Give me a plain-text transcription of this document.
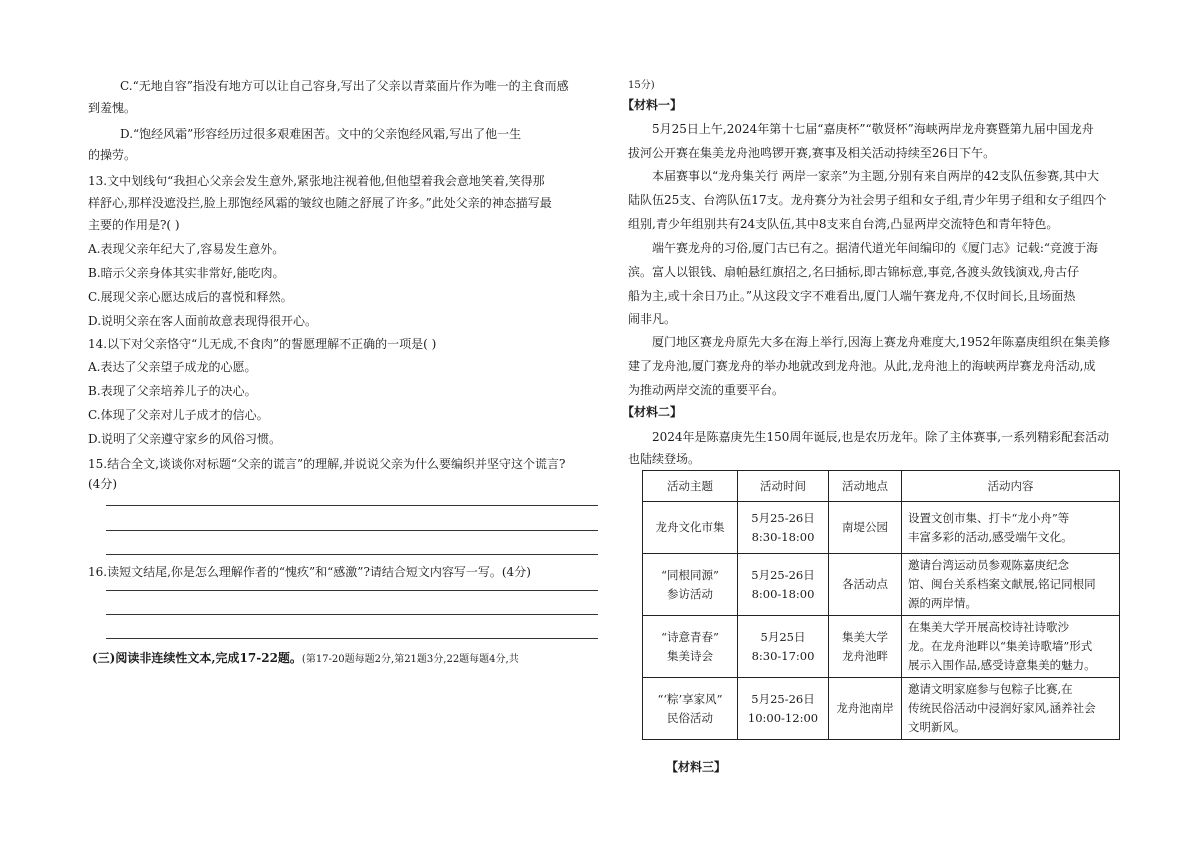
C.“无地自容”指没有地方可以让自己容身,写出了父亲以青菜面片作为唯一的主食而感
到羞愧。
D.“饱经风霜”形容经历过很多艰难困苦。文中的父亲饱经风霜,写出了他一生
的操劳。
13.文中划线句“我担心父亲会发生意外,紧张地注视着他,但他望着我会意地笑着,笑得那
样舒心,那样没遮没拦,脸上那饱经风霜的皱纹也随之舒展了许多。”此处父亲的神态描写最
主要的作用是?( )
A.表现父亲年纪大了,容易发生意外。
B.暗示父亲身体其实非常好,能吃肉。
C.展现父亲心愿达成后的喜悦和释然。
D.说明父亲在客人面前故意表现得很开心。
14.以下对父亲恪守“儿无成,不食肉”的誓愿理解不正确的一项是( )
A.表达了父亲望子成龙的心愿。
B.表现了父亲培养儿子的决心。
C.体现了父亲对儿子成才的信心。
D.说明了父亲遵守家乡的风俗习惯。
15.结合全文,谈谈你对标题“父亲的谎言”的理解,并说说父亲为什么要编织并坚守这个谎言?
(4分)
16.读短文结尾,你是怎么理解作者的“愧疚”和“感激”?请结合短文内容写一写。(4分)
(三)阅读非连续性文本,完成17-22题。(第17-20题每题2分,第21题3分,22题每题4分,共
15分)
【材料一】
5月25日上午,2024年第十七届“嘉庚杯”“敬贤杯”海峡两岸龙舟赛暨第九届中国龙舟
拔河公开赛在集美龙舟池鸣锣开赛,赛事及相关活动持续至26日下午。
本届赛事以“龙舟集关行 两岸一家亲”为主题,分别有来自两岸的42支队伍参赛,其中大
陆队伍25支、台湾队伍17支。龙舟赛分为社会男子组和女子组,青少年男子组和女子组四个
组别,青少年组别共有24支队伍,其中8支来自台湾,凸显两岸交流特色和青年特色。
端午赛龙舟的习俗,厦门古已有之。据清代道光年间编印的《厦门志》记载:“竞渡于海
滨。富人以银钱、扇帕悬红旗招之,名曰插标,即古锦标意,事竞,各渡头敛钱演戏,舟古仔
船为主,或十余日乃止。”从这段文字不难看出,厦门人端午赛龙舟,不仅时间长,且场面热
闹非凡。
厦门地区赛龙舟原先大多在海上举行,因海上赛龙舟难度大,1952年陈嘉庚组织在集美修
建了龙舟池,厦门赛龙舟的举办地就改到龙舟池。从此,龙舟池上的海峡两岸赛龙舟活动,成
为推动两岸交流的重要平台。
【材料二】
2024年是陈嘉庚先生150周年诞辰,也是农历龙年。除了主体赛事,一系列精彩配套活动
也陆续登场。
活动主题	活动时间	活动地点	活动内容

龙舟文化市集	5月25-26日
8:30-18:00	南堤公园	设置文创市集、打卡“龙小舟”等
丰富多彩的活动,感受端午文化。

“同根同源”
参访活动	5月25-26日
8:00-18:00	各活动点	邀请台湾运动员参观陈嘉庚纪念
馆、闽台关系档案文献展,铭记同根同
源的两岸情。

“诗意青春”
集美诗会	5月25日
8:30-17:00	集美大学
龙舟池畔	在集美大学开展高校诗社诗歌沙
龙。在龙舟池畔以“集美诗歌墙”形式
展示入围作品,感受诗意集美的魅力。

“‘粽’享家风”
民俗活动	5月25-26日
10:00-12:00	龙舟池南岸	邀请文明家庭参与包粽子比赛,在
传统民俗活动中浸润好家风,涵养社会
文明新风。
【材料三】
